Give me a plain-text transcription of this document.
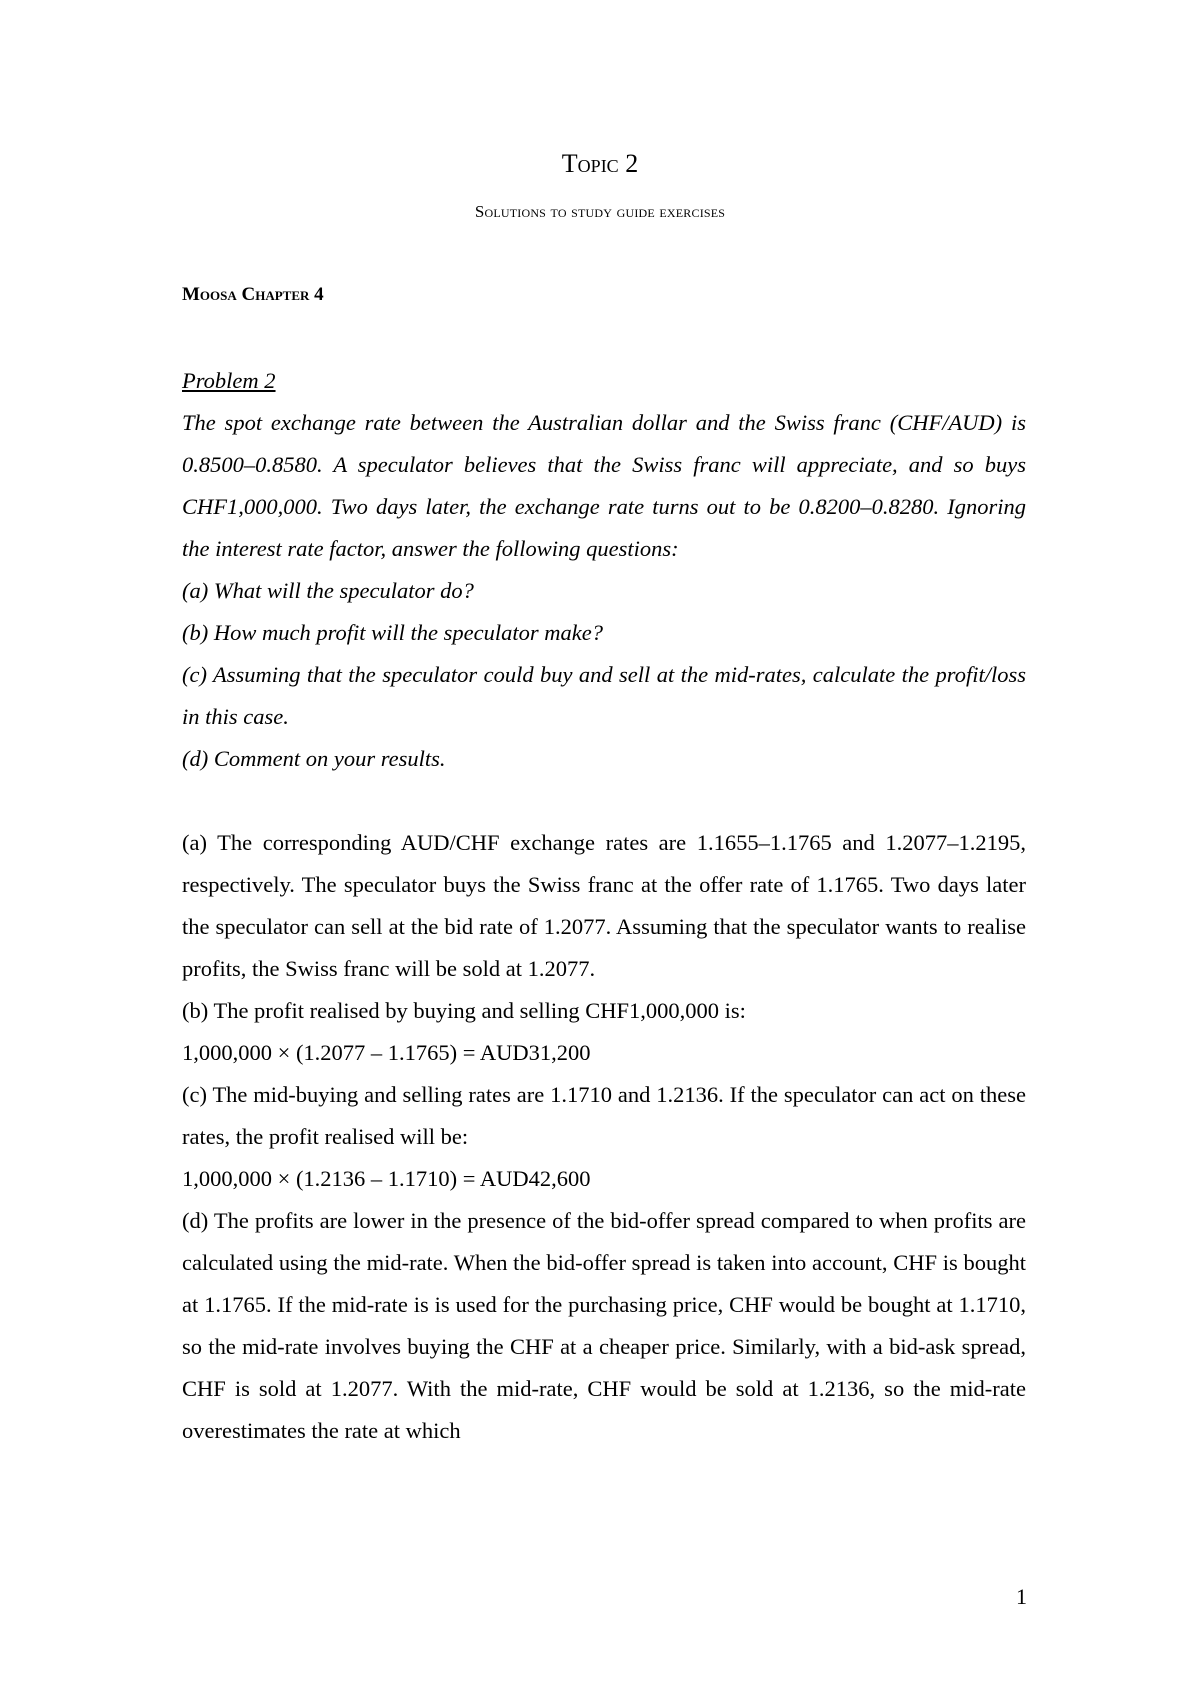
Topic 2
Solutions to study guide exercises
Moosa Chapter 4

Problem 2

The spot exchange rate between the Australian dollar and the Swiss franc (CHF/AUD) is 0.8500–0.8580. A speculator believes that the Swiss franc will appreciate, and so buys CHF1,000,000. Two days later, the exchange rate turns out to be 0.8200–0.8280. Ignoring the interest rate factor, answer the following questions:

(a) What will the speculator do?

(b) How much profit will the speculator make?

(c) Assuming that the speculator could buy and sell at the mid-rates, calculate the profit/loss in this case.

(d) Comment on your results.

(a) The corresponding AUD/CHF exchange rates are 1.1655–1.1765 and 1.2077–1.2195, respectively. The speculator buys the Swiss franc at the offer rate of 1.1765. Two days later the speculator can sell at the bid rate of 1.2077. Assuming that the speculator wants to realise profits, the Swiss franc will be sold at 1.2077.

(b) The profit realised by buying and selling CHF1,000,000 is:

1,000,000 × (1.2077 – 1.1765) = AUD31,200

(c) The mid-buying and selling rates are 1.1710 and 1.2136. If the speculator can act on these rates, the profit realised will be:

1,000,000 × (1.2136 – 1.1710) = AUD42,600

(d) The profits are lower in the presence of the bid-offer spread compared to when profits are calculated using the mid-rate. When the bid-offer spread is taken into account, CHF is bought at 1.1765. If the mid-rate is is used for the purchasing price, CHF would be bought at 1.1710, so the mid-rate involves buying the CHF at a cheaper price. Similarly, with a bid-ask spread, CHF is sold at 1.2077. With the mid-rate, CHF would be sold at 1.2136, so the mid-rate overestimates the rate at which

1
